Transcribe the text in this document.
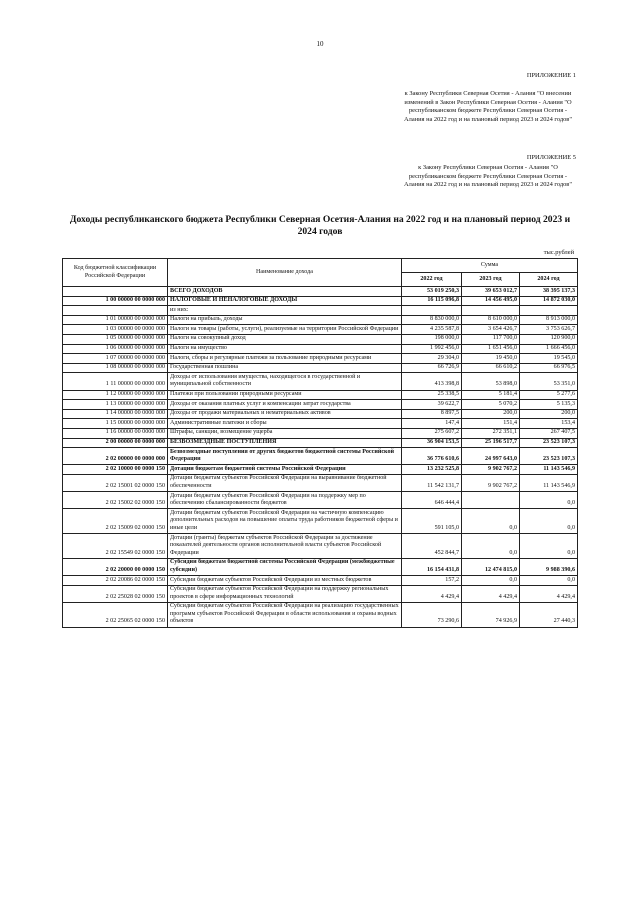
10
ПРИЛОЖЕНИЕ 1
к Закону Республики Северная Осетия - Алания "О внесении изменений в Закон Республики Северная Осетия - Алания "О республиканском бюджете Республики Северная Осетия - Алания на 2022 год и на плановый период 2023 и 2024 годов"
ПРИЛОЖЕНИЕ 5
к Закону Республики Северная Осетия - Алания "О республиканском бюджете Республики Северная Осетия - Алания на 2022 год и на плановый период 2023 и 2024 годов"
Доходы республиканского бюджета Республики Северная Осетия-Алания на 2022 год и на плановый период 2023 и 2024 годов
тыс.рублей
Код бюджетной классификации Российской Федерации	Наименование дохода	Сумма		
		2022 год	2023 год	2024 год
	ВСЕГО ДОХОДОВ	53 019 250,3	39 653 012,7	38 395 137,3
1 00 00000 00 0000 000	НАЛОГОВЫЕ И НЕНАЛОГОВЫЕ ДОХОДЫ	16 115 096,8	14 456 495,0	14 872 030,0
	из них:			
1 01 00000 00 0000 000	Налоги на прибыль, доходы	8 830 000,0	8 610 000,0	8 913 000,0
1 03 00000 00 0000 000	Налоги на товары (работы, услуги), реализуемые на территории Российской Федерации	4 235 587,8	3 654 426,7	3 753 626,7
1 05 00000 00 0000 000	Налоги на совокупный доход	198 000,0	117 700,0	120 900,0
1 06 00000 00 0000 000	Налоги на имущество	1 992 456,0	1 651 456,0	1 666 456,0
1 07 00000 00 0000 000	Налоги, сборы и регулярные платежи за пользование природными ресурсами	29 304,0	19 450,0	19 545,0
1 08 00000 00 0000 000	Государственная пошлина	66 726,9	66 610,2	66 976,5
1 11 00000 00 0000 000	Доходы от использования имущества, находящегося в государственной и муниципальной собственности	413 398,8	53 898,0	53 351,0
1 12 00000 00 0000 000	Платежи при пользовании природными ресурсами	25 338,5	5 181,4	5 277,6
1 13 00000 00 0000 000	Доходы от оказания платных услуг и компенсации затрат государства	39 622,7	5 070,2	5 135,3
1 14 00000 00 0000 000	Доходы от продажи материальных и нематериальных активов	8 897,5	200,0	200,0
1 15 00000 00 0000 000	Административные платежи и сборы	147,4	151,4	153,4
1 16 00000 00 0000 000	Штрафы, санкции, возмещение ущерба	275 607,2	272 351,1	267 407,5
2 00 00000 00 0000 000	БЕЗВОЗМЕЗДНЫЕ ПОСТУПЛЕНИЯ	36 904 153,5	25 196 517,7	23 523 107,3
2 02 00000 00 0000 000	Безвозмездные поступления от других бюджетов бюджетной системы Российской Федерации	36 776 610,6	24 997 643,0	23 523 107,3
2 02 10000 00 0000 150	Дотации бюджетам бюджетной системы Российской Федерации	13 232 525,8	9 902 767,2	11 143 546,9
2 02 15001 02 0000 150	Дотации бюджетам субъектов Российской Федерации на выравнивание бюджетной обеспеченности	11 542 131,7	9 902 767,2	11 143 546,9
2 02 15002 02 0000 150	Дотации бюджетам субъектов Российской Федерации на поддержку мер по обеспечению сбалансированности бюджетов	646 444,4		0,0
2 02 15009 02 0000 150	Дотации бюджетам субъектов Российской Федерации на частичную компенсацию дополнительных расходов на повышение оплаты труда работников бюджетной сферы и иные цели	591 105,0	0,0	0,0
2 02 15549 02 0000 150	Дотации (гранты) бюджетам субъектов Российской Федерации за достижение показателей деятельности органов исполнительной власти субъектов Российской Федерации	452 844,7	0,0	0,0
2 02 20000 00 0000 150	Субсидии бюджетам бюджетной системы Российской Федерации (межбюджетные субсидии)	16 154 431,8	12 474 815,0	9 988 390,6
2 02 20086 02 0000 150	Субсидии бюджетам субъектов Российской Федерации из местных бюджетов	157,2	0,0	0,0
2 02 25028 02 0000 150	Субсидии бюджетам субъектов Российской Федерации на поддержку региональных проектов в сфере информационных технологий	4 429,4	4 429,4	4 429,4
2 02 25065 02 0000 150	Субсидии бюджетам субъектов Российской Федерации на реализацию государственных программ субъектов Российской Федерации в области использования и охраны водных объектов	73 290,6	74 926,9	27 440,3
